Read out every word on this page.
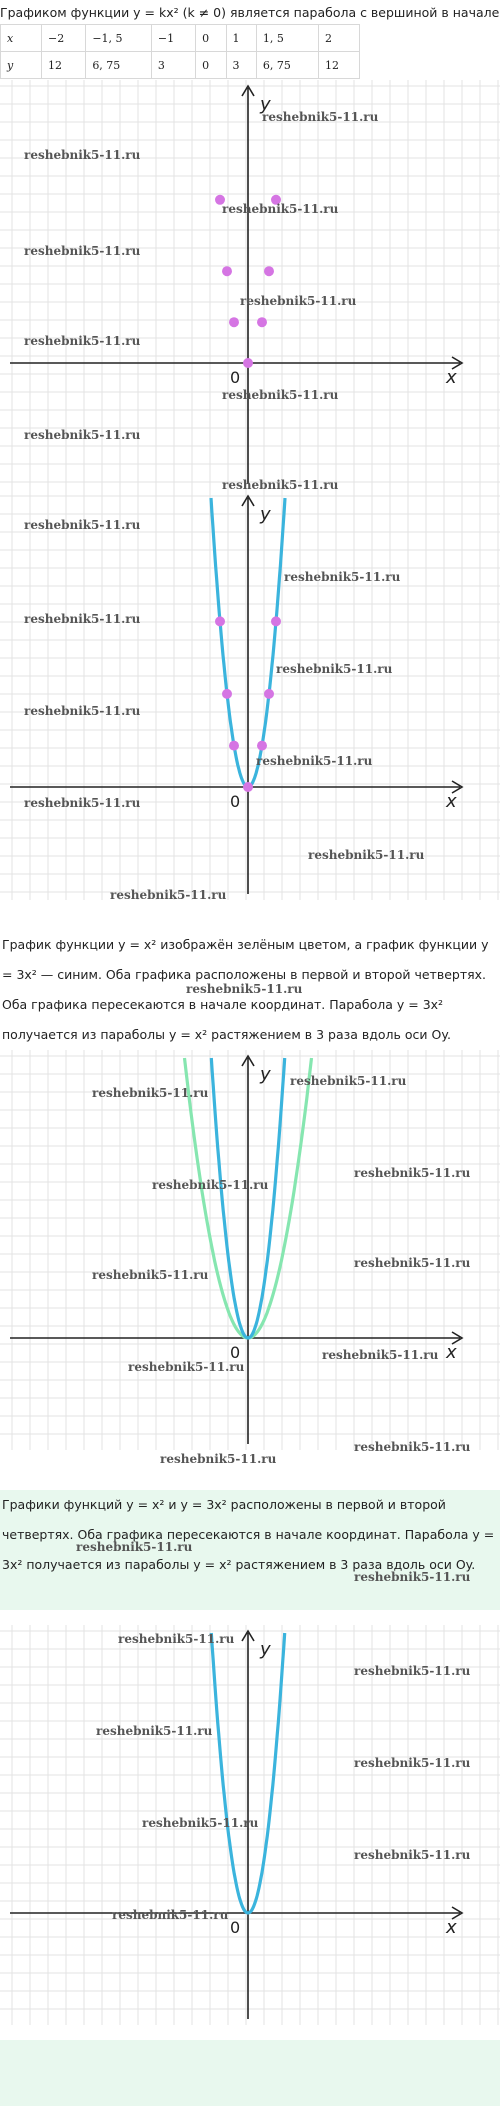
Графиком функции y = kx² (k ≠ 0) является парабола с вершиной в начале
x	−2	−1, 5	−1	0	1	1, 5	2
y	12	6, 75	3	0	3	6, 75	12
x
y
0
x
y
0
График функции y = x² изображён зелёным цветом, а график функции y = 3x² — синим. Оба графика расположены в первой и второй четвертях. Оба графика пересекаются в начале координат. Парабола y = 3x² получается из параболы y = x² растяжением в 3 раза вдоль оси Oy.
x
y
0
Графики функций y = x² и y = 3x² расположены в первой и второй четвертях. Оба графика пересекаются в начале координат. Парабола y = 3x² получается из параболы y = x² растяжением в 3 раза вдоль оси Oy.
x
y
0
reshebnik5-11.ru
reshebnik5-11.ru
reshebnik5-11.ru
reshebnik5-11.ru
reshebnik5-11.ru
reshebnik5-11.ru
reshebnik5-11.ru
reshebnik5-11.ru
reshebnik5-11.ru
reshebnik5-11.ru
reshebnik5-11.ru
reshebnik5-11.ru
reshebnik5-11.ru
reshebnik5-11.ru
reshebnik5-11.ru
reshebnik5-11.ru
reshebnik5-11.ru
reshebnik5-11.ru
reshebnik5-11.ru
reshebnik5-11.ru
reshebnik5-11.ru
reshebnik5-11.ru
reshebnik5-11.ru
reshebnik5-11.ru
reshebnik5-11.ru
reshebnik5-11.ru
reshebnik5-11.ru
reshebnik5-11.ru
reshebnik5-11.ru
reshebnik5-11.ru
reshebnik5-11.ru
reshebnik5-11.ru
reshebnik5-11.ru
reshebnik5-11.ru
reshebnik5-11.ru
reshebnik5-11.ru
reshebnik5-11.ru
reshebnik5-11.ru
